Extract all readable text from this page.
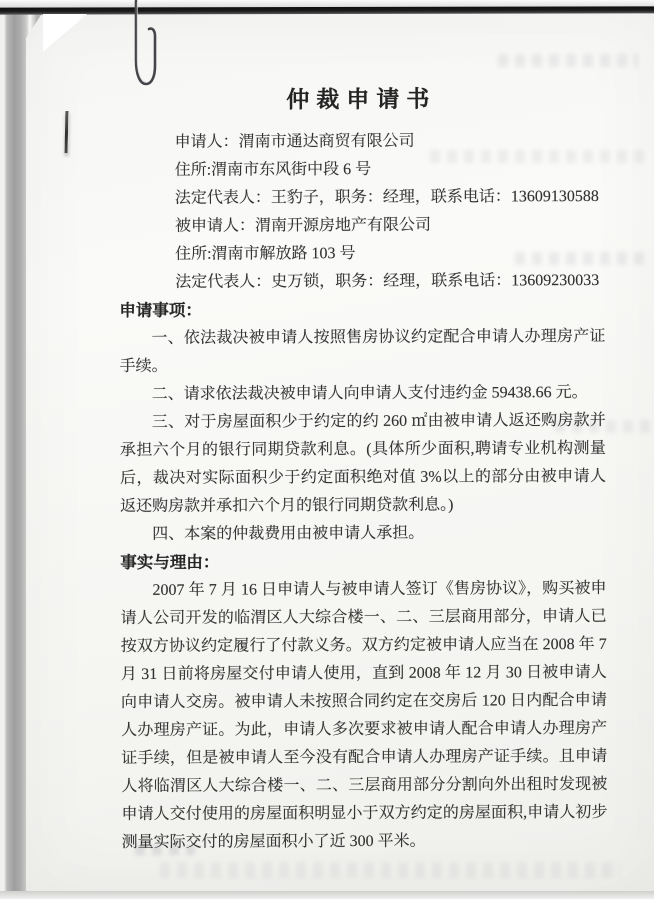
仲裁申请书
申请人：渭南市通达商贸有限公司
住所:渭南市东风街中段 6 号
法定代表人：王豹子，职务：经理，联系电话：13609130588
被申请人：渭南开源房地产有限公司
住所:渭南市解放路 103 号
法定代表人：史万锁，职务：经理，联系电话：13609230033
申请事项：

一、依法裁决被申请人按照售房协议约定配合申请人办理房产证手续。

二、请求依法裁决被申请人向申请人支付违约金 59438.66 元。

三、对于房屋面积少于约定的约 260 ㎡由被申请人返还购房款并承担六个月的银行同期贷款利息。(具体所少面积,聘请专业机构测量后，裁决对实际面积少于约定面积绝对值 3%以上的部分由被申请人返还购房款并承扣六个月的银行同期贷款利息。)

四、本案的仲裁费用由被申请人承担。

事实与理由：

2007 年 7 月 16 日申请人与被申请人签订《售房协议》，购买被申请人公司开发的临渭区人大综合楼一、二、三层商用部分，申请人已按双方协议约定履行了付款义务。双方约定被申请人应当在 2008 年 7 月 31 日前将房屋交付申请人使用，直到 2008 年 12 月 30 日被申请人向申请人交房。被申请人未按照合同约定在交房后 120 日内配合申请人办理房产证。为此，申请人多次要求被申请人配合申请人办理房产证手续，但是被申请人至今没有配合申请人办理房产证手续。且申请人将临渭区人大综合楼一、二、三层商用部分分割向外出租时发现被申请人交付使用的房屋面积明显小于双方约定的房屋面积,申请人初步测量实际交付的房屋面积小了近 300 平米。
